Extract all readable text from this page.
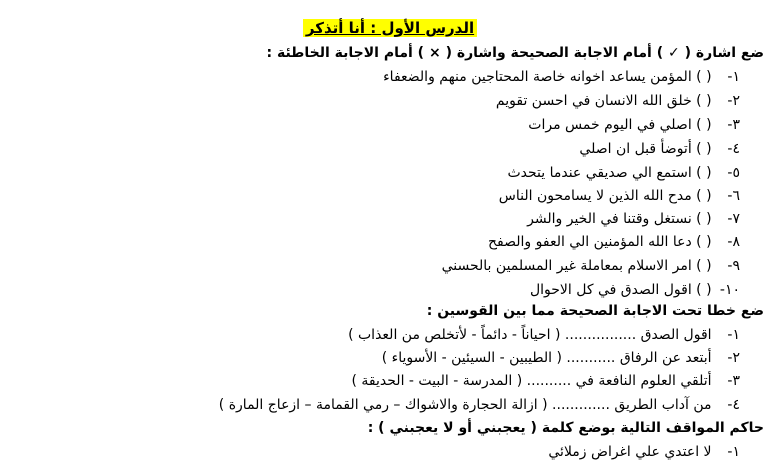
الدرس الأول : أنا أتذكر
ضع اشارة ( ✓ ) أمام الاجابة الصحيحة واشارة ( × ) أمام الاجابة الخاطئة :
١- ( ) المؤمن يساعد اخوانه خاصة المحتاجين منهم والضعفاء
٢- ( ) خلق الله الانسان في احسن تقويم
٣- ( ) اصلي في اليوم خمس مرات
٤- ( ) أتوضأ قبل ان اصلي
٥- ( ) استمع الي صديقي عندما يتحدث
٦- ( ) مدح الله الذين لا يسامحون الناس
٧- ( ) نستغل وقتنا في الخير والشر
٨- ( ) دعا الله المؤمنين الي العفو والصفح
٩- ( ) امر الاسلام بمعاملة غير المسلمين بالحسني
١٠- ( ) اقول الصدق في كل الاحوال
ضع خطا تحت الاجابة الصحيحة مما بين القوسين :
١- اقول الصدق ................ ( احياناً - دائماً - لأتخلص من العذاب )
٢- أبتعد عن الرفاق ........... ( الطيبين - السيئين - الأسوياء )
٣- أتلقي العلوم النافعة في .......... ( المدرسة - البيت - الحديقة )
٤- من آداب الطريق ............. ( ازالة الحجارة والاشواك – رمي القمامة – ازعاج المارة )
حاكم المواقف التالية بوضع كلمة ( يعجبني أو لا يعجبني ) :
١- لا اعتدي علي اغراض زملائي
